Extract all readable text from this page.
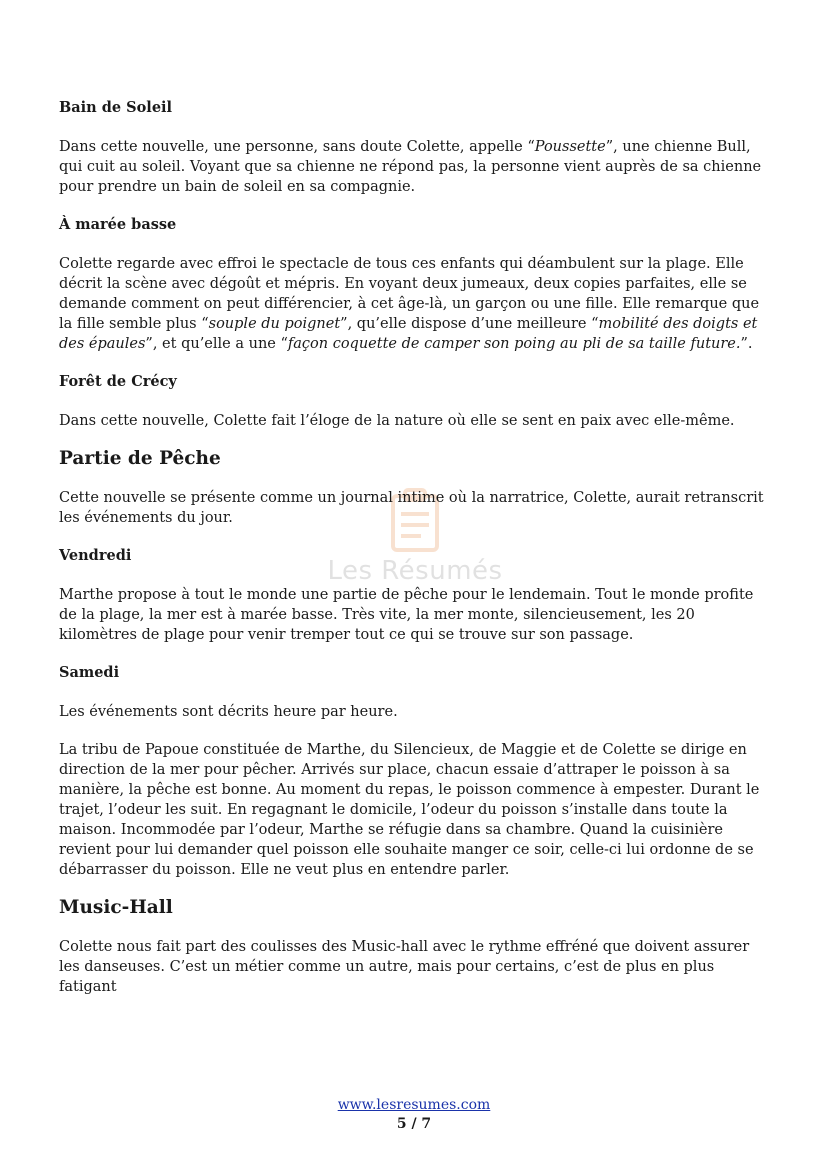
Les Résumés
Bain de Soleil

Dans cette nouvelle, une personne, sans doute Colette, appelle “Poussette”, une chienne Bull, qui cuit au soleil. Voyant que sa chienne ne répond pas, la personne vient auprès de sa chienne pour prendre un bain de soleil en sa compagnie.

À marée basse

Colette regarde avec effroi le spectacle de tous ces enfants qui déambulent sur la plage. Elle décrit la scène avec dégoût et mépris. En voyant deux jumeaux, deux copies parfaites, elle se demande comment on peut différencier, à cet âge-là, un garçon ou une fille. Elle remarque que la fille semble plus “souple du poignet”, qu’elle dispose d’une meilleure “mobilité des doigts et des épaules”, et qu’elle a une “façon coquette de camper son poing au pli de sa taille future.”.

Forêt de Crécy

Dans cette nouvelle, Colette fait l’éloge de la nature où elle se sent en paix avec elle-même.

Partie de Pêche

Cette nouvelle se présente comme un journal intime où la narratrice, Colette, aurait retranscrit les événements du jour.

Vendredi

Marthe propose à tout le monde une partie de pêche pour le lendemain. Tout le monde profite de la plage, la mer est à marée basse. Très vite, la mer monte, silencieusement, les 20 kilomètres de plage pour venir tremper tout ce qui se trouve sur son passage.

Samedi

Les événements sont décrits heure par heure.

La tribu de Papoue constituée de Marthe, du Silencieux, de Maggie et de Colette se dirige en direction de la mer pour pêcher. Arrivés sur place, chacun essaie d’attraper le poisson à sa manière, la pêche est bonne. Au moment du repas, le poisson commence à empester. Durant le trajet, l’odeur les suit. En regagnant le domicile, l’odeur du poisson s’installe dans toute la maison. Incommodée par l’odeur, Marthe se réfugie dans sa chambre. Quand la cuisinière revient pour lui demander quel poisson elle souhaite manger ce soir, celle-ci lui ordonne de se débarrasser du poisson. Elle ne veut plus en entendre parler.

Music-Hall

Colette nous fait part des coulisses des Music-hall avec le rythme effréné que doivent assurer les danseuses. C’est un métier comme un autre, mais pour certains, c’est de plus en plus fatigant

www.lesresumes.com
5 / 7
